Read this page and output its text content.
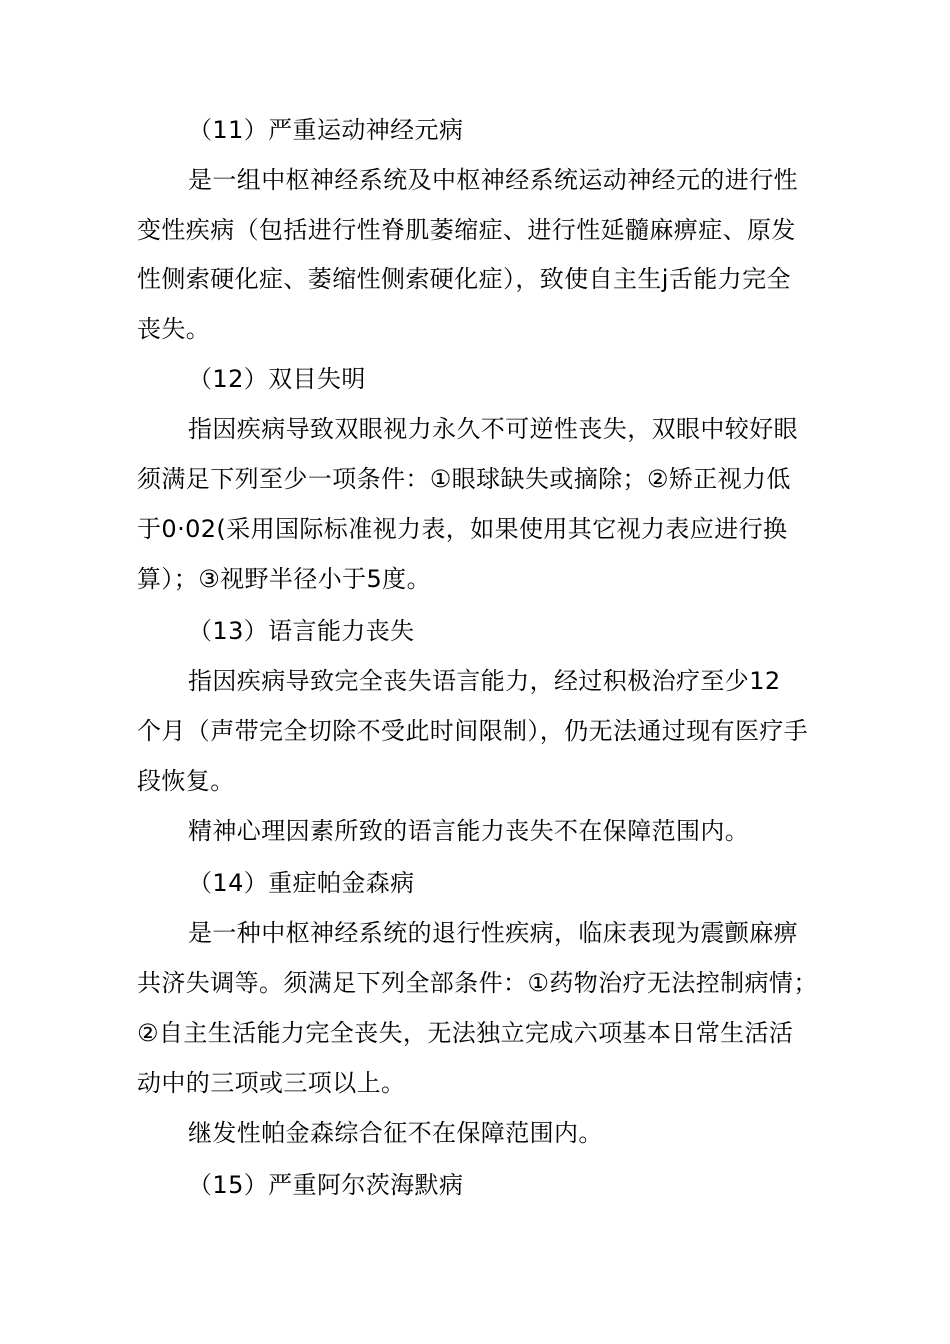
（11）严重运动神经元病
是一组中枢神经系统及中枢神经系统运动神经元的进行性
变性疾病（包括进行性脊肌萎缩症、进行性延髓麻痹症、原发
性侧索硬化症、萎缩性侧索硬化症），致使自主生j舌能力完全
丧失。
（12）双目失明
指因疾病导致双眼视力永久不可逆性丧失，双眼中较好眼
须满足下列至少一项条件：①眼球缺失或摘除；②矫正视力低
于0·02(采用国际标准视力表，如果使用其它视力表应进行换
算）；③视野半径小于5度。
（13）语言能力丧失
指因疾病导致完全丧失语言能力，经过积极治疗至少12
个月（声带完全切除不受此时间限制），仍无法通过现有医疗手
段恢复。
精神心理因素所致的语言能力丧失不在保障范围内。
（14）重症帕金森病
是一种中枢神经系统的退行性疾病，临床表现为震颤麻痹
共济失调等。须满足下列全部条件：①药物治疗无法控制病情；
②自主生活能力完全丧失，无法独立完成六项基本日常生活活
动中的三项或三项以上。
继发性帕金森综合征不在保障范围内。
（15）严重阿尔茨海默病
